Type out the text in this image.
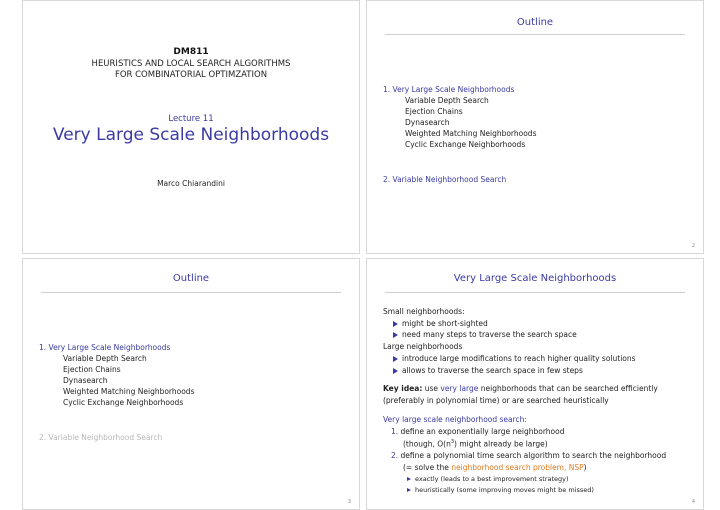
DM811
HEURISTICS AND LOCAL SEARCH ALGORITHMS
FOR COMBINATORIAL OPTIMZATION
Lecture 11
Very Large Scale Neighborhoods
Marco Chiarandini
Outline
1. Very Large Scale Neighborhoods
Variable Depth Search
Ejection Chains
Dynasearch
Weighted Matching Neighborhoods
Cyclic Exchange Neighborhoods
2. Variable Neighborhood Search
2
Outline
1. Very Large Scale Neighborhoods
Variable Depth Search
Ejection Chains
Dynasearch
Weighted Matching Neighborhoods
Cyclic Exchange Neighborhoods
2. Variable Neighborhood Search
3
Very Large Scale Neighborhoods
Small neighborhoods:
might be short-sighted
need many steps to traverse the search space
Large neighborhoods
introduce large modifications to reach higher quality solutions
allows to traverse the search space in few steps
Key idea: use very large neighborhoods that can be searched efficiently
(preferably in polynomial time) or are searched heuristically
Very large scale neighborhood search:
1. define an exponentially large neighborhood
(though, $O(n^3)$ might already be large)
2. define a polynomial time search algorithm to search the neighborhood
(= solve the neighborhood search problem, NSP)
exactly (leads to a best improvement strategy)
heuristically (some improving moves might be missed)
4
